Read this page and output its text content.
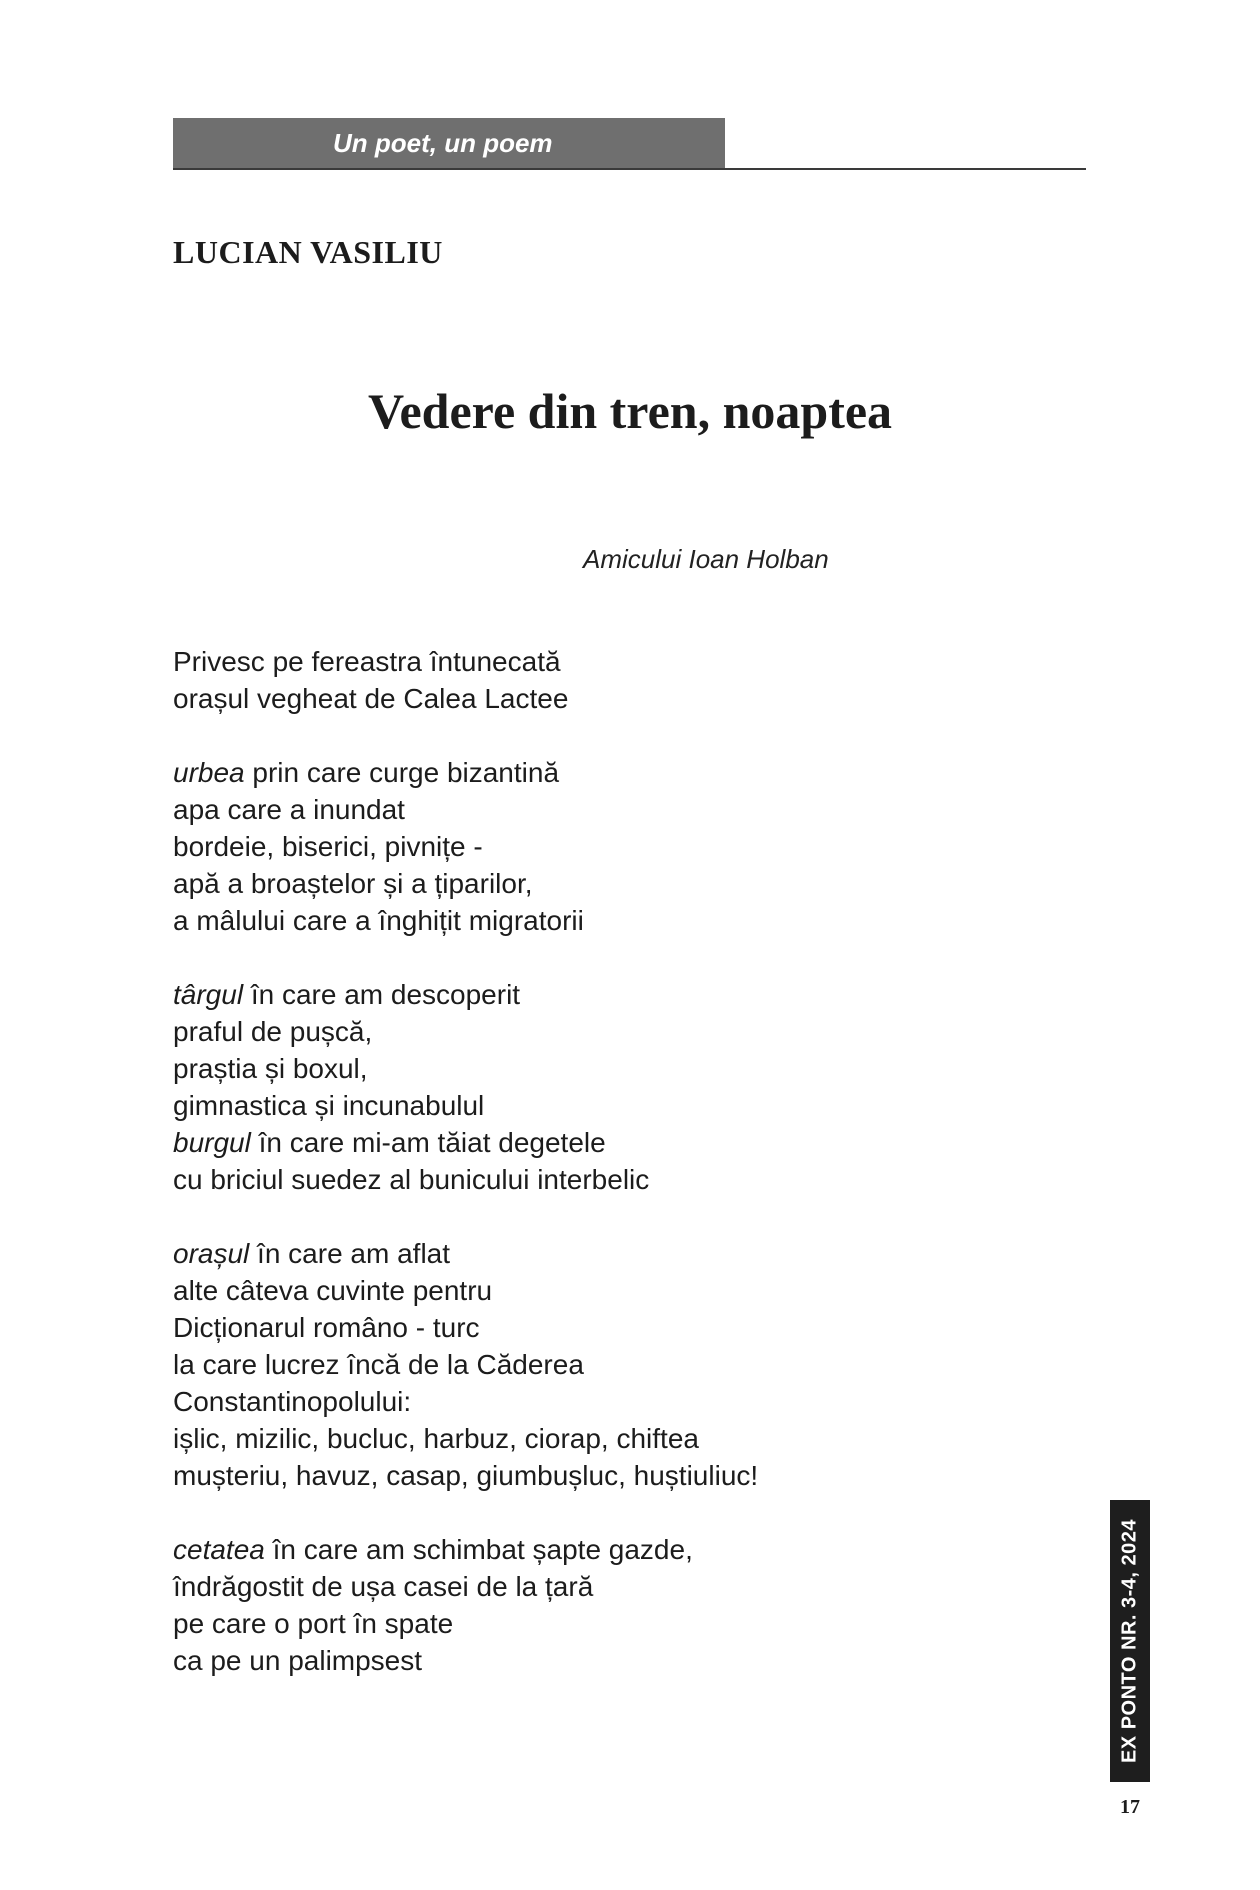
Un poet, un poem
LUCIAN VASILIU
Vedere din tren, noaptea
Amicului Ioan Holban
Privesc pe fereastra întunecată
orașul vegheat de Calea Lactee
urbea prin care curge bizantină
apa care a inundat
bordeie, biserici, pivnițe -
apă a broaștelor și a țiparilor,
a mâlului care a înghițit migratorii
târgul în care am descoperit
praful de pușcă,
praștia și boxul,
gimnastica și incunabulul
burgul în care mi-am tăiat degetele
cu briciul suedez al bunicului interbelic
orașul în care am aflat
alte câteva cuvinte pentru
Dicționarul româno - turc
la care lucrez încă de la Căderea
Constantinopolului:
ișlic, mizilic, bucluc, harbuz, ciorap, chiftea
mușteriu, havuz, casap, giumbușluc, huștiuliuc!
cetatea în care am schimbat șapte gazde,
îndrăgostit de ușa casei de la țară
pe care o port în spate
ca pe un palimpsest	EX PONTO NR. 3-4, 2024
17
